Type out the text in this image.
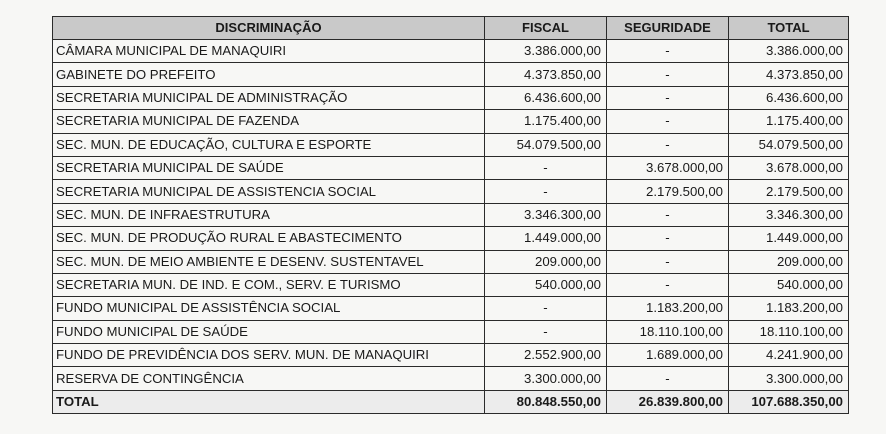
DISCRIMINAÇÃO	FISCAL	SEGURIDADE	TOTAL
CÂMARA MUNICIPAL DE MANAQUIRI	3.386.000,00	-	3.386.000,00
GABINETE DO PREFEITO	4.373.850,00	-	4.373.850,00
SECRETARIA MUNICIPAL DE ADMINISTRAÇÃO	6.436.600,00	-	6.436.600,00
SECRETARIA MUNICIPAL DE FAZENDA	1.175.400,00	-	1.175.400,00
SEC. MUN. DE EDUCAÇÃO, CULTURA E ESPORTE	54.079.500,00	-	54.079.500,00
SECRETARIA MUNICIPAL DE SAÚDE	-	3.678.000,00	3.678.000,00
SECRETARIA MUNICIPAL DE ASSISTENCIA SOCIAL	-	2.179.500,00	2.179.500,00
SEC. MUN. DE INFRAESTRUTURA	3.346.300,00	-	3.346.300,00
SEC. MUN. DE PRODUÇÃO RURAL E ABASTECIMENTO	1.449.000,00	-	1.449.000,00
SEC. MUN. DE MEIO AMBIENTE E DESENV. SUSTENTAVEL	209.000,00	-	209.000,00
SECRETARIA MUN. DE IND. E COM., SERV. E TURISMO	540.000,00	-	540.000,00
FUNDO MUNICIPAL DE ASSISTÊNCIA SOCIAL	-	1.183.200,00	1.183.200,00
FUNDO MUNICIPAL DE SAÚDE	-	18.110.100,00	18.110.100,00
FUNDO DE PREVIDÊNCIA DOS SERV. MUN. DE MANAQUIRI	2.552.900,00	1.689.000,00	4.241.900,00
RESERVA DE CONTINGÊNCIA	3.300.000,00	-	3.300.000,00
TOTAL	80.848.550,00	26.839.800,00	107.688.350,00
